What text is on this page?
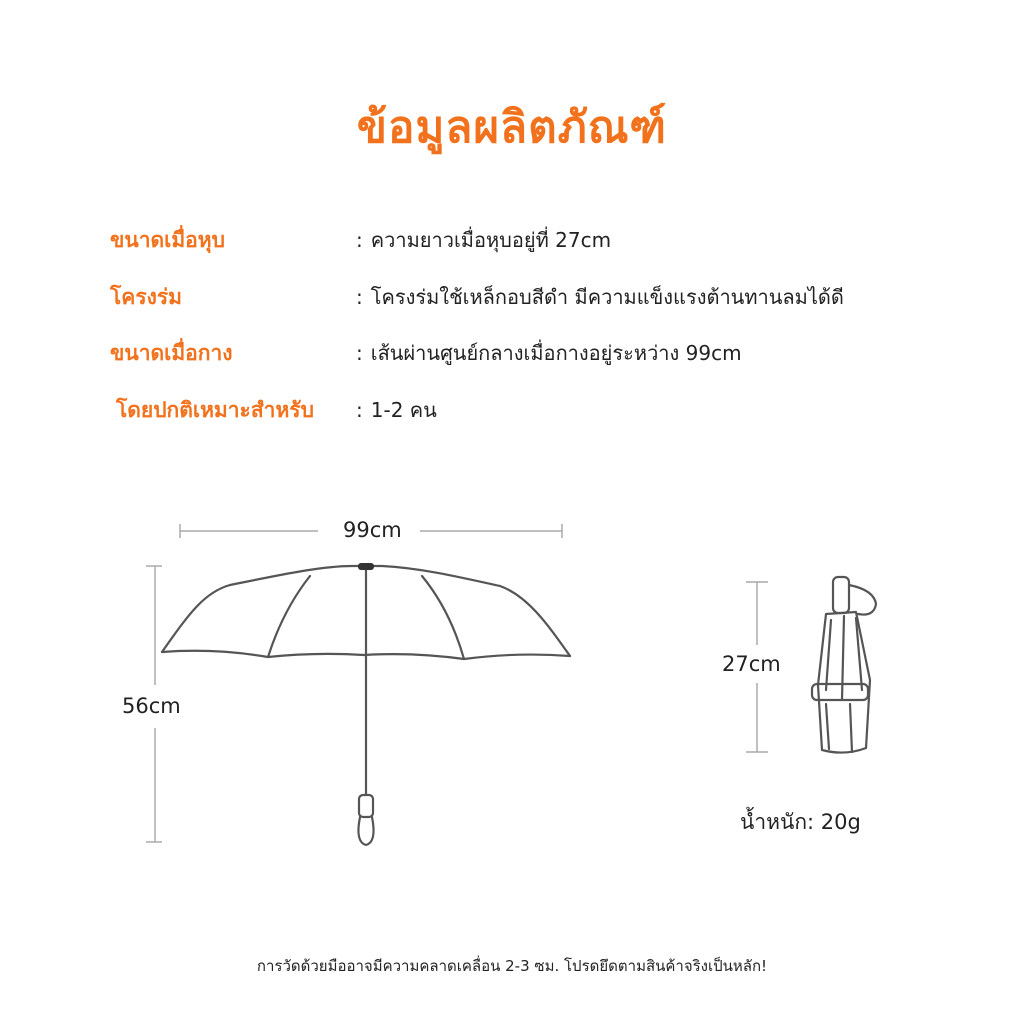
ข้อมูลผลิตภัณฑ์
ขนาดเมื่อหุบ	: ความยาวเมื่อหุบอยู่ที่ 27cm
โครงร่ม	: โครงร่มใช้เหล็กอบสีดำ มีความแข็งแรงต้านทานลมได้ดี
ขนาดเมื่อกาง	: เส้นผ่านศูนย์กลางเมื่อกางอยู่ระหว่าง 99cm
โดยปกติเหมาะสำหรับ : 1-2 คน
99cm
56cm
27cm
น้ำหนัก: 20g
การวัดด้วยมืออาจมีความคลาดเคลื่อน 2-3 ซม. โปรดยึดตามสินค้าจริงเป็นหลัก!
